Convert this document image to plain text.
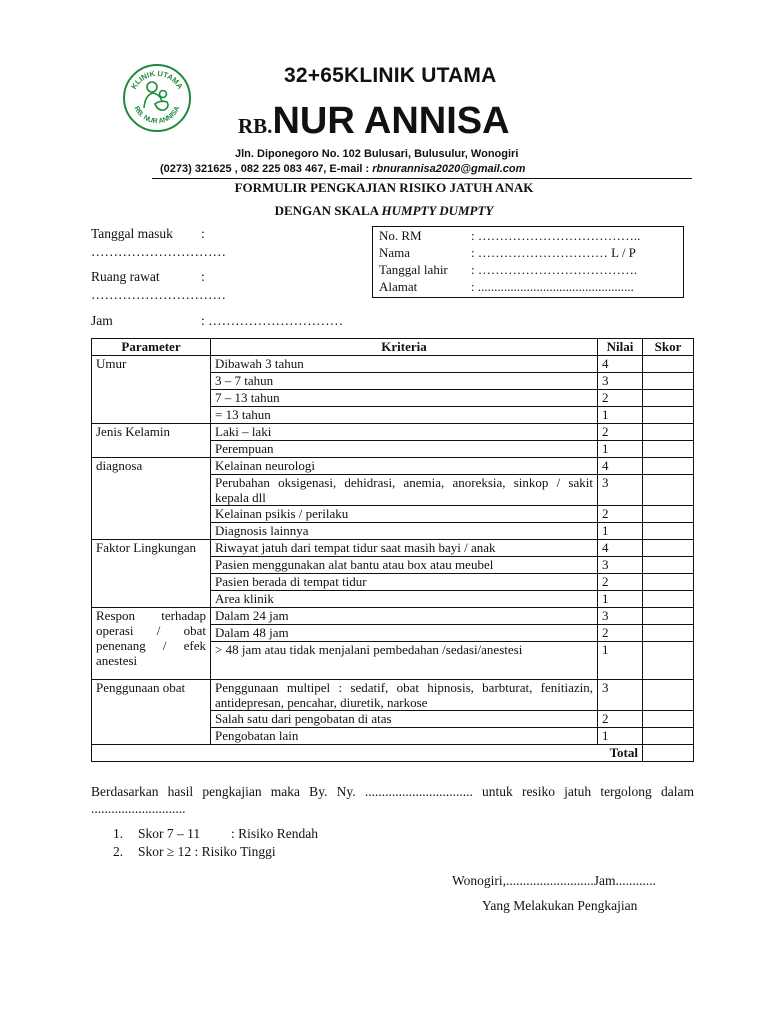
KLINIK UTAMA
RB. NUR ANNISA
32+65KLINIK UTAMA
RB.NUR ANNISA
Jln. Diponegoro No. 102 Bulusari, Bulusulur, Wonogiri
(0273) 321625 , 082 225 083 467, E-mail : rbnurannisa2020@gmail.com
FORMULIR PENGKAJIAN RISIKO JATUH ANAK
DENGAN SKALA HUMPTY DUMPTY
Tanggal masuk :
…………………………
Ruang rawat	:
…………………………
Jam	: …………………………
No. RM	: ………………………………..
Nama	: ………………………… L / P
Tanggal lahir : ……………………………….
Alamat	: ................................................
Parameter	Kriteria	Nilai	Skor
Umur	Dibawah 3 tahun	4	
	3 – 7 tahun	3	
	7 – 13 tahun	2	
	= 13 tahun	1	
Jenis Kelamin	Laki – laki	2	
	Perempuan	1	
diagnosa	Kelainan neurologi	4	
	Perubahan oksigenasi, dehidrasi, anemia, anoreksia, sinkop / sakit kepala dll	3	
	Kelainan psikis / perilaku	2	
	Diagnosis lainnya	1	
Faktor Lingkungan	Riwayat jatuh dari tempat tidur saat masih bayi / anak	4	
	Pasien menggunakan alat bantu atau box atau meubel	3	
	Pasien berada di tempat tidur	2	
	Area klinik	1	
Respon terhadap operasi / obat penenang / efek anestesi	Dalam 24 jam	3	
	Dalam 48 jam	2	
	> 48 jam atau tidak menjalani pembedahan /sedasi/anestesi	1	
Penggunaan obat	Penggunaan multipel : sedatif, obat hipnosis, barbturat, fenitiazin, antidepresan, pencahar, diuretik, narkose	3	
	Salah satu dari pengobatan di atas	2	
	Pengobatan lain	1	
Total			
Berdasarkan hasil pengkajian maka By. Ny. ................................ untuk resiko jatuh tergolong dalam ............................
1. Skor 7 – 11 : Risiko Rendah
2. Skor ≥ 12 : Risiko Tinggi
Wonogiri,..........................Jam............
Yang Melakukan Pengkajian
